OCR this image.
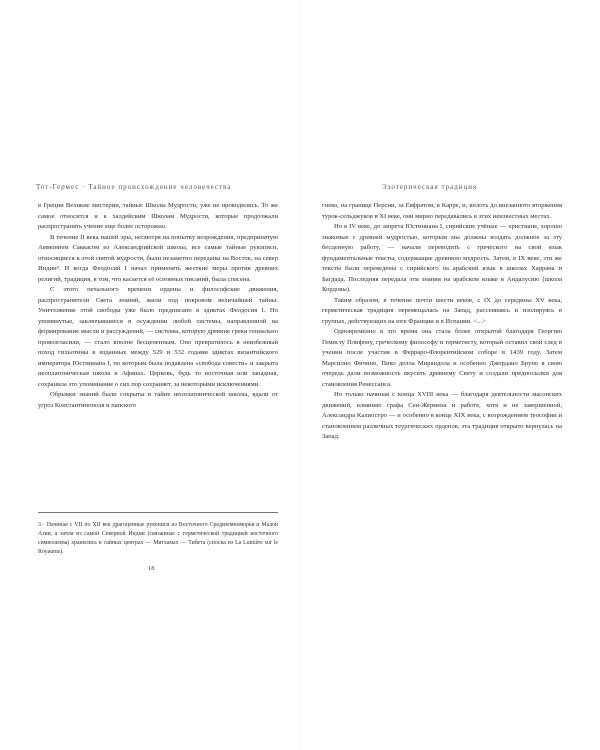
Тот-Гермес · Тайное происхождение человечества

в Греции Великие мистерии, тайные Школы Мудрости, уже не проводились. То же самое относится и к халдейским Школам Мудрости, которые продолжали распространять учение еще более осторожно.

В течение II века нашей эры, несмотря на попытку возрождения, предпринятую Аммонием Саккасом из Александрийской школы, все самые тайные рукописи, относящиеся к этой святой мудрости, были незаметно переданы на Восток, на север Индии³. И когда Феодосий I начал применять жесткие меры против древних религий, традиция, в том, что касается её основных писаний, была спасена.

С этого печального времени ордены и философские движения, распространители Света знаний, жили под покровом величайшей тайны. Уничтожение этой свободы уже было предписано в эдиктах Феодосия I. Но упомянутые, заключавшиеся в осуждении любой системы, направленной на формирование мысли и рассуждений, — системы, которую древние греки гениально провозгласили, — стало вполне бесцененным. Оно превратилось в неизбежный поход гильотины в изданных между 529 и 532 годами эдиктах византийского императора Юстиниана I, по которым была подавлена «свобода совести» и закрыта неоплатоническая школа в Афинах. Церковь, будь то восточная или западная, сохранила это упоминание о сих пор сохраняет, за некоторыми исключениями.

Обрывки знаний были сокрыты в тайне неоплатонической школы, вдали от угроз Константинополя и папского

3 · Начиная с VII по XII век драгоценные рукописи из Восточного Средиземноморья и Малой Азии, а затем из самой Северной Индии (связанные с герметической традицией восточного символизма) хранились в тайных центрах — Митхамах — Тибета (сноска из La Lumière sur le Royaume).
18
Эзотерическая традиция

гнева, на границе Персии, за Евфратом, в Карре, и, вплоть до внезапного вторжения турок-сельджуков в XI веке, они мирно передавались в этих неизвестных местах.

Но в IV веке, до запрета Юстиниана I, сирийские учёные — христиане, хорошо знакомые с древней мудростью, которым мы должны воздать должное за эту бесценную работу, — начали переводить с греческого на свой язык фундаментальные тексты, содержащие древнюю мудрость. Затем, в IX веке, эти же тексты были переведены с сирийского на арабский язык в школах Харрана и Багдада. Последняя передала эти знания на арабском языке в Андалусию (школа Кордовы).

Таким образом, в течение почти шести веков, с IX до середины XV века, герметическая традиция перемещалась на Запад, рассеиваясь и изолируясь в группах, действующих на юге Франции и в Испании. <...>

Одновременно в это время она стала более открытой благодаря Георгию Гемисту Плифону, греческому философу и герметисту, который оставил свой след в учении после участия в Ферраро-Флорентийском соборе в 1439 году. Затем Марсилио Фичино, Пико делла Мирандола и особенно Джордано Бруно в свою очередь дали возможность вкусить древнему Свету и создали предпосылки для становления Ренессанса.

Но только начиная с конца XVIII века — благодаря деятельности масонских движений, влиянию графа Сен-Жермена и работе, хотя и не завершенной, Александра Калиостро — и особенно в конце XIX века, с возрождением теософии и становлением различных теургических орденов, эта традиция открыто вернулась на Запад.
